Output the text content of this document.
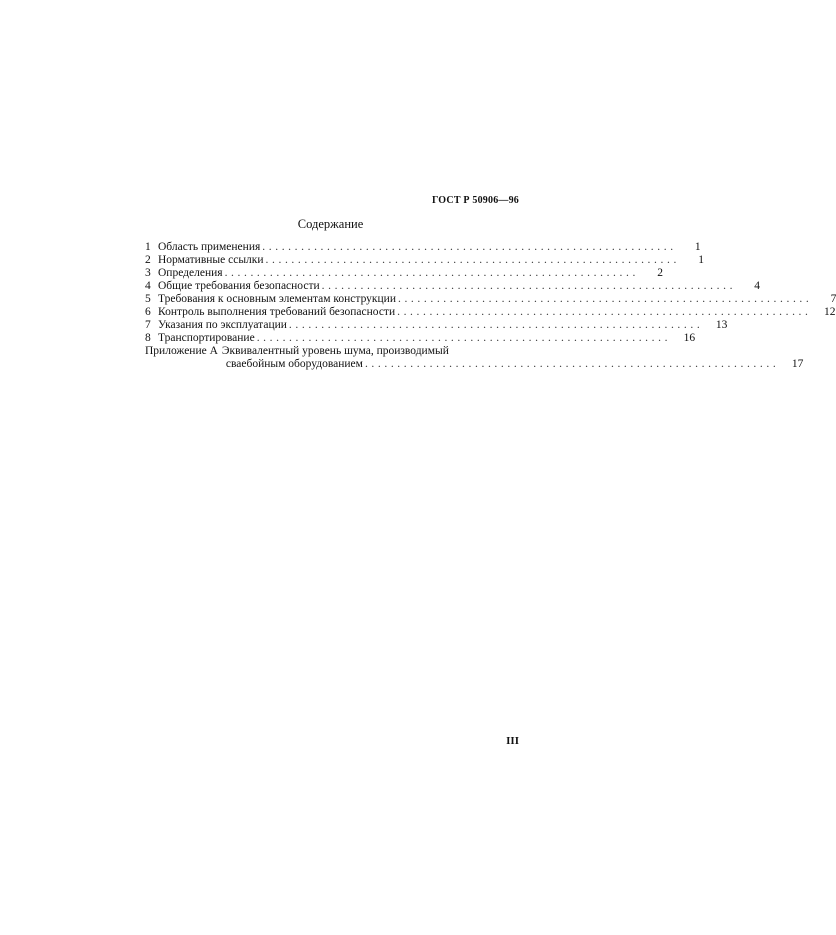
ГОСТ Р 50906—96
Содержание
1 Область применения ................................................................	1
2 Нормативные ссылки ................................................................	1
3 Определения ................................................................	2
4 Общие требования безопасности ................................................................	4
5 Требования к основным элементам конструкции ................................................................	7
6 Контроль выполнения требований безопасности ................................................................	12
7 Указания по эксплуатации ................................................................	13
8 Транспортирование ................................................................	16
Приложение А Эквивалентный уровень шума, производимый
сваебойным оборудованием ................................................................	17
III
